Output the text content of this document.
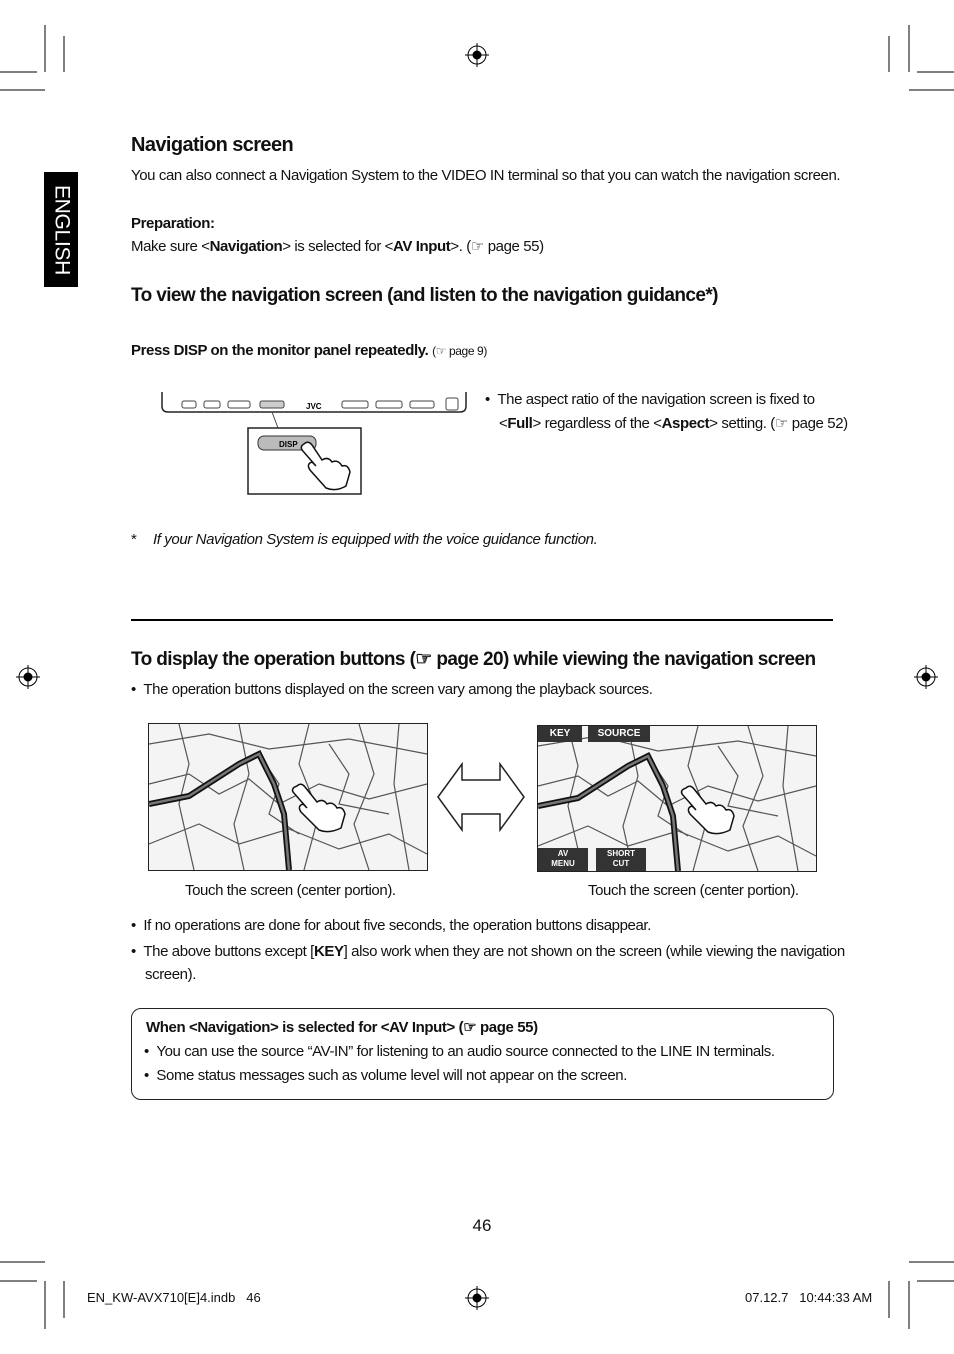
ENGLISH
Navigation screen
You can also connect a Navigation System to the VIDEO IN terminal so that you can watch the navigation screen.
Preparation:
Make sure <Navigation> is selected for <AV Input>. (☞ page 55)
To view the navigation screen (and listen to the navigation guidance*)
Press DISP on the monitor panel repeatedly. (☞ page 9)
JVC
DISP
•  The aspect ratio of the navigation screen is fixed to <Full> regardless of the <Aspect> setting. (☞ page 52)
* If your Navigation System is equipped with the voice guidance function.
To display the operation buttons (☞ page 20) while viewing the navigation screen
•  The operation buttons displayed on the screen vary among the playback sources.
Touch the screen (center portion).
KEY	SOURCE
AV
MENU
SHORT
CUT
Touch the screen (center portion).
•  If no operations are done for about five seconds, the operation buttons disappear.
•  The above buttons except [KEY] also work when they are not shown on the screen (while viewing the navigation screen).
When <Navigation> is selected for <AV Input> (☞ page 55)
•  You can use the source “AV-IN” for listening to an audio source connected to the LINE IN terminals.
•  Some status messages such as volume level will not appear on the screen.
46
EN_KW-AVX710[E]4.indb   46	07.12.7   10:44:33 AM
